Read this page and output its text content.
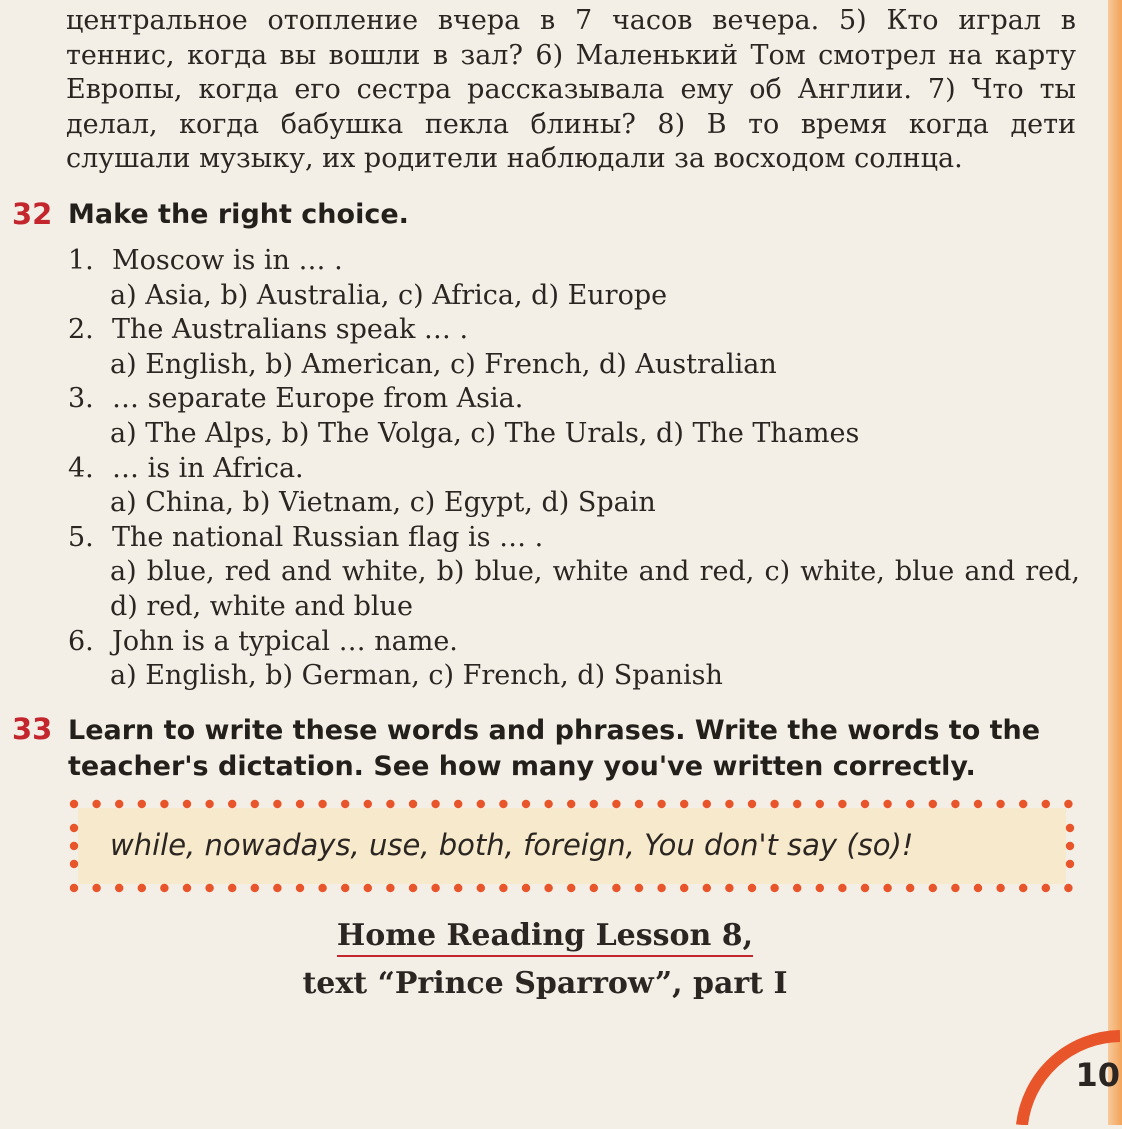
центральное отопление вчера в 7 часов вечера. 5) Кто играл в теннис, когда вы вошли в зал? 6) Маленький Том смотрел на карту Европы, когда его сестра рассказывала ему об Англии. 7) Что ты делал, когда бабушка пекла блины? 8) В то время когда дети слушали музыку, их родители наблюдали за восходом солнца.

32 Make the right choice.
1. Moscow is in … .
a) Asia, b) Australia, c) Africa, d) Europe
2. The Australians speak … .
a) English, b) American, c) French, d) Australian
3. … separate Europe from Asia.
a) The Alps, b) The Volga, c) The Urals, d) The Thames
4. … is in Africa.
a) China, b) Vietnam, c) Egypt, d) Spain
5. The national Russian flag is … .
a) blue, red and white, b) blue, white and red, c) white, blue and red, d) red, white and blue
6. John is a typical … name.
a) English, b) German, c) French, d) Spanish
33 Learn to write these words and phrases. Write the words to the
teacher's dictation. See how many you've written correctly.
while, nowadays, use, both, foreign, You don't say (so)!
Home Reading Lesson 8,
text “Prince Sparrow”, part I
10
